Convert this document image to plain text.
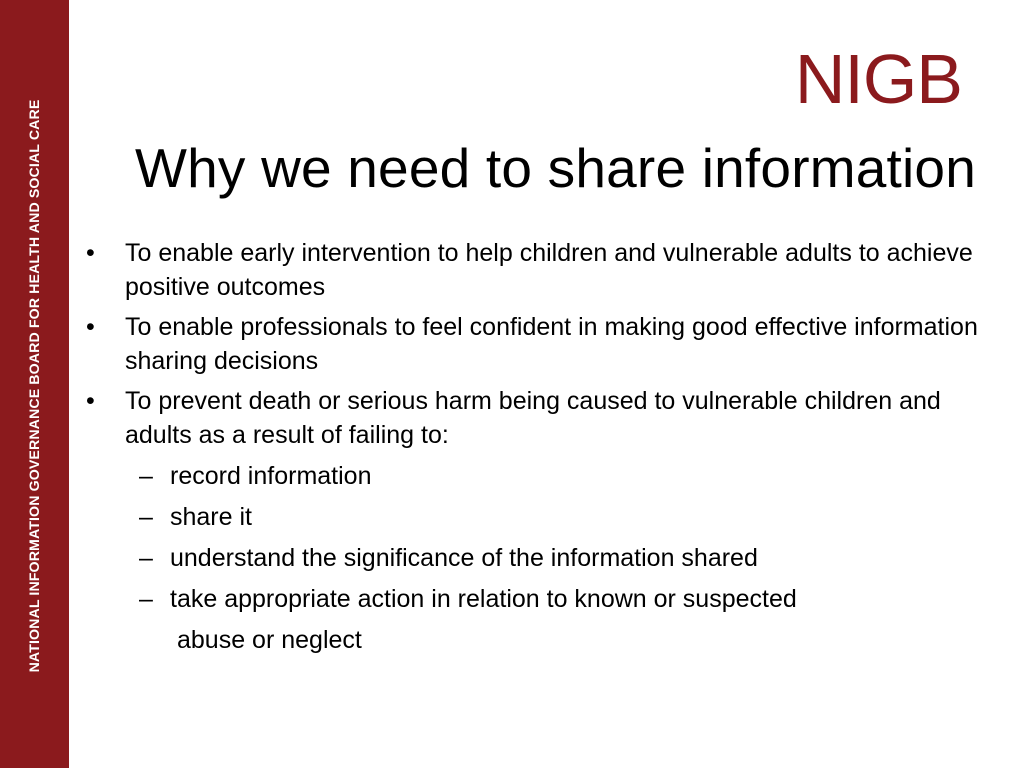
NATIONAL INFORMATION GOVERNANCE BOARD FOR HEALTH AND SOCIAL CARE
NIGB
Why we need to share information
• To enable early intervention to help children and vulnerable adults to achieve positive outcomes
• To enable professionals to feel confident in making good effective information sharing decisions
• To prevent death or serious harm being caused to vulnerable children and adults as a result of failing to:
– record information
– share it
– understand the significance of the information shared
– take appropriate action in relation to known or suspected
abuse or neglect
